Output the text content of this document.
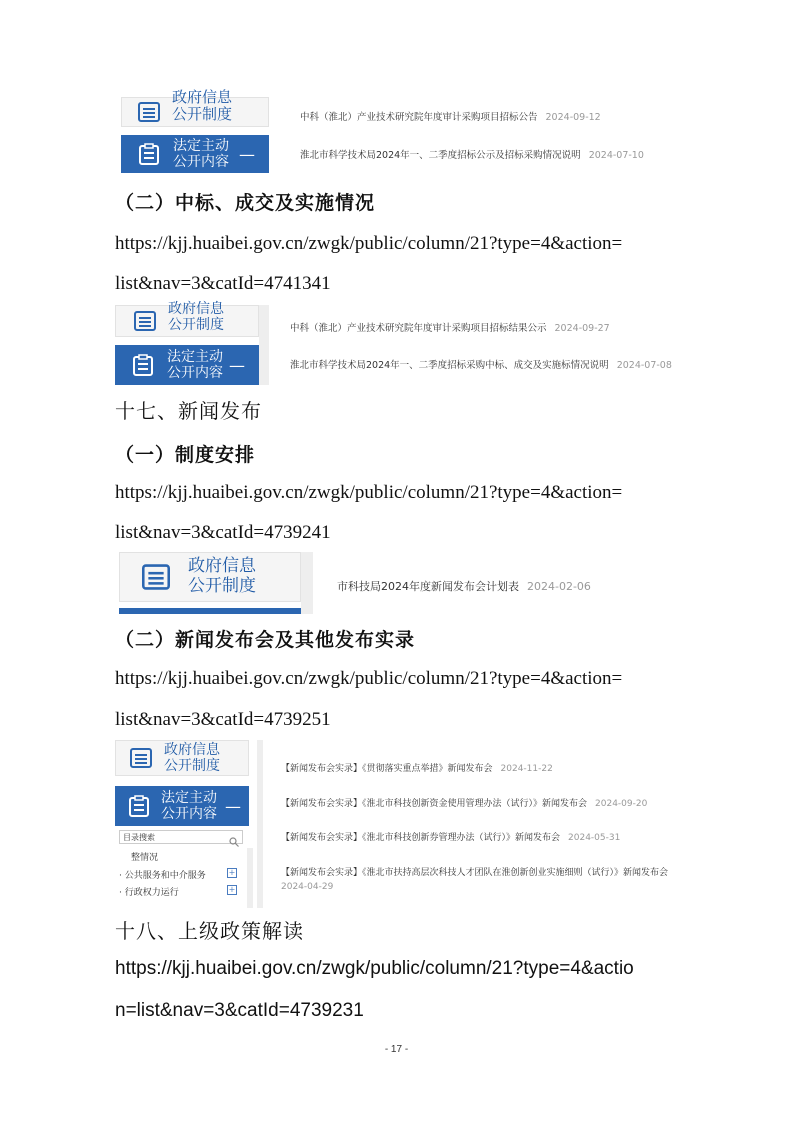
政府信息公开制度
法定主动
公开内容 —
中科（淮北）产业技术研究院年度审计采购项目招标公告 2024-09-12
淮北市科学技术局2024年一、二季度招标公示及招标采购情况说明 2024-07-10
（二）中标、成交及实施情况
https://kjj.huaibei.gov.cn/zwgk/public/column/21?type=4&action=
list&nav=3&catId=4741341
政府信息
公开制度
法定主动
公开内容 —
中科（淮北）产业技术研究院年度审计采购项目招标结果公示 2024-09-27
淮北市科学技术局2024年一、二季度招标采购中标、成交及实施标情况说明 2024-07-08
十七、新闻发布
（一）制度安排
https://kjj.huaibei.gov.cn/zwgk/public/column/21?type=4&action=
list&nav=3&catId=4739241
政府信息
公开制度	市科技局2024年度新闻发布会计划表 2024-02-06
（二）新闻发布会及其他发布实录
https://kjj.huaibei.gov.cn/zwgk/public/column/21?type=4&action=
list&nav=3&catId=4739251
政府信息
公开制度
法定主动
公开内容 —
目录搜索
整情况
· 公共服务和中介服务	+
· 行政权力运行	+
【新闻发布会实录】《贯彻落实重点举措》新闻发布会 2024-11-22
【新闻发布会实录】《淮北市科技创新资金使用管理办法（试行）》新闻发布会 2024-09-20
【新闻发布会实录】《淮北市科技创新券管理办法（试行）》新闻发布会 2024-05-31
【新闻发布会实录】《淮北市扶持高层次科技人才团队在淮创新创业实施细则（试行）》新闻发布会
2024-04-29
十八、上级政策解读
https://kjj.huaibei.gov.cn/zwgk/public/column/21?type=4&actio
n=list&nav=3&catId=4739231
- 17 -
